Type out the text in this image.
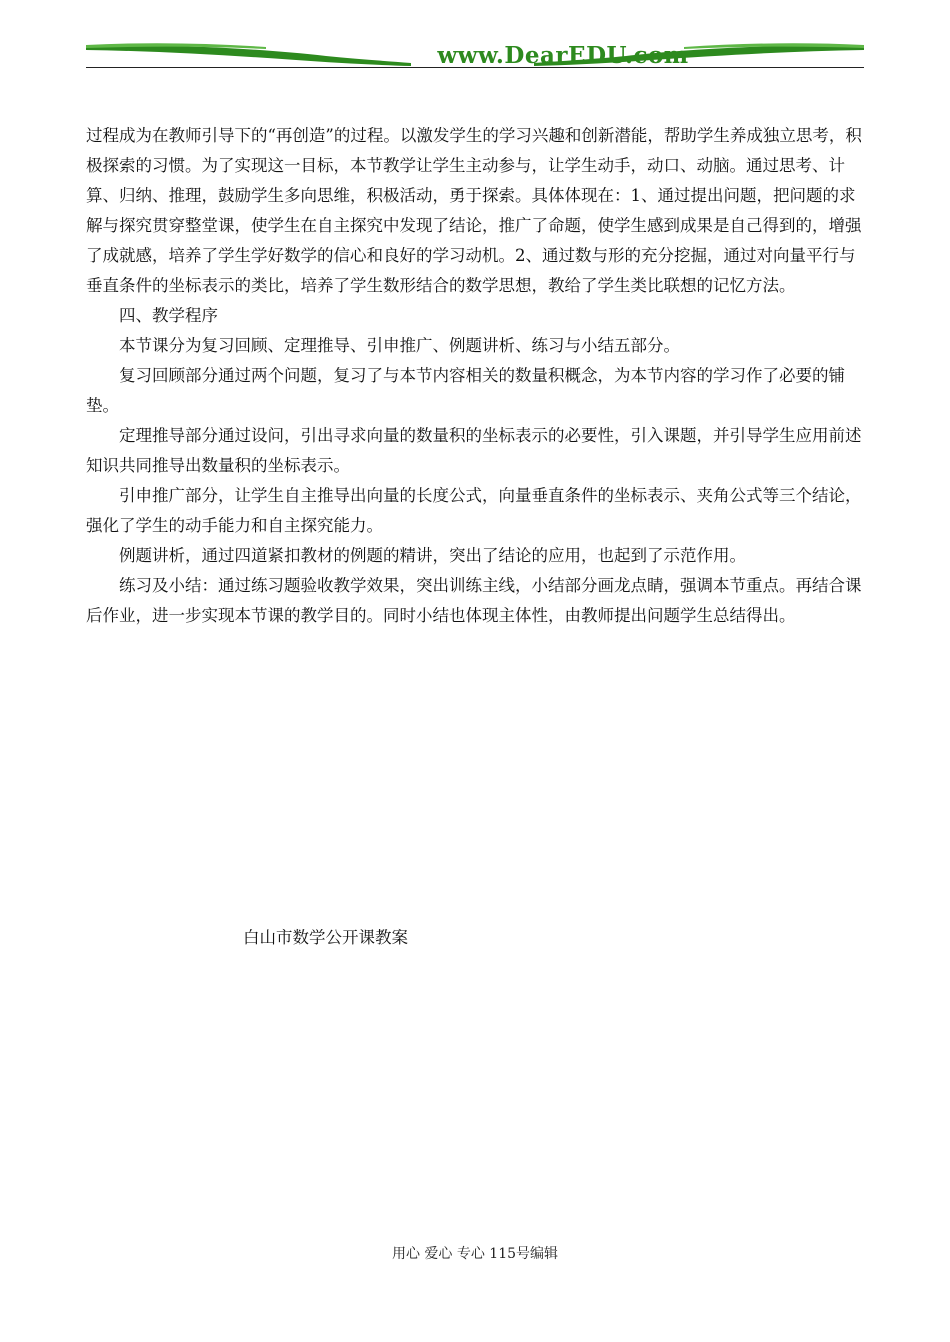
www.DearEDU.com

过程成为在教师引导下的“再创造”的过程。以激发学生的学习兴趣和创新潜能，帮助学生养成独立思考，积极探索的习惯。为了实现这一目标，本节教学让学生主动参与，让学生动手，动口、动脑。通过思考、计算、归纳、推理，鼓励学生多向思维，积极活动，勇于探索。具体体现在：1、通过提出问题，把问题的求解与探究贯穿整堂课，使学生在自主探究中发现了结论，推广了命题，使学生感到成果是自己得到的，增强了成就感，培养了学生学好数学的信心和良好的学习动机。2、通过数与形的充分挖掘，通过对向量平行与垂直条件的坐标表示的类比，培养了学生数形结合的数学思想，教给了学生类比联想的记忆方法。

四、教学程序

本节课分为复习回顾、定理推导、引申推广、例题讲析、练习与小结五部分。

复习回顾部分通过两个问题，复习了与本节内容相关的数量积概念，为本节内容的学习作了必要的铺垫。

定理推导部分通过设问，引出寻求向量的数量积的坐标表示的必要性，引入课题，并引导学生应用前述知识共同推导出数量积的坐标表示。

引申推广部分，让学生自主推导出向量的长度公式，向量垂直条件的坐标表示、夹角公式等三个结论，强化了学生的动手能力和自主探究能力。

例题讲析，通过四道紧扣教材的例题的精讲，突出了结论的应用，也起到了示范作用。

练习及小结：通过练习题验收教学效果，突出训练主线，小结部分画龙点睛，强调本节重点。再结合课后作业，进一步实现本节课的教学目的。同时小结也体现主体性，由教师提出问题学生总结得出。

白山市数学公开课教案
用心 爱心 专心 115号编辑
